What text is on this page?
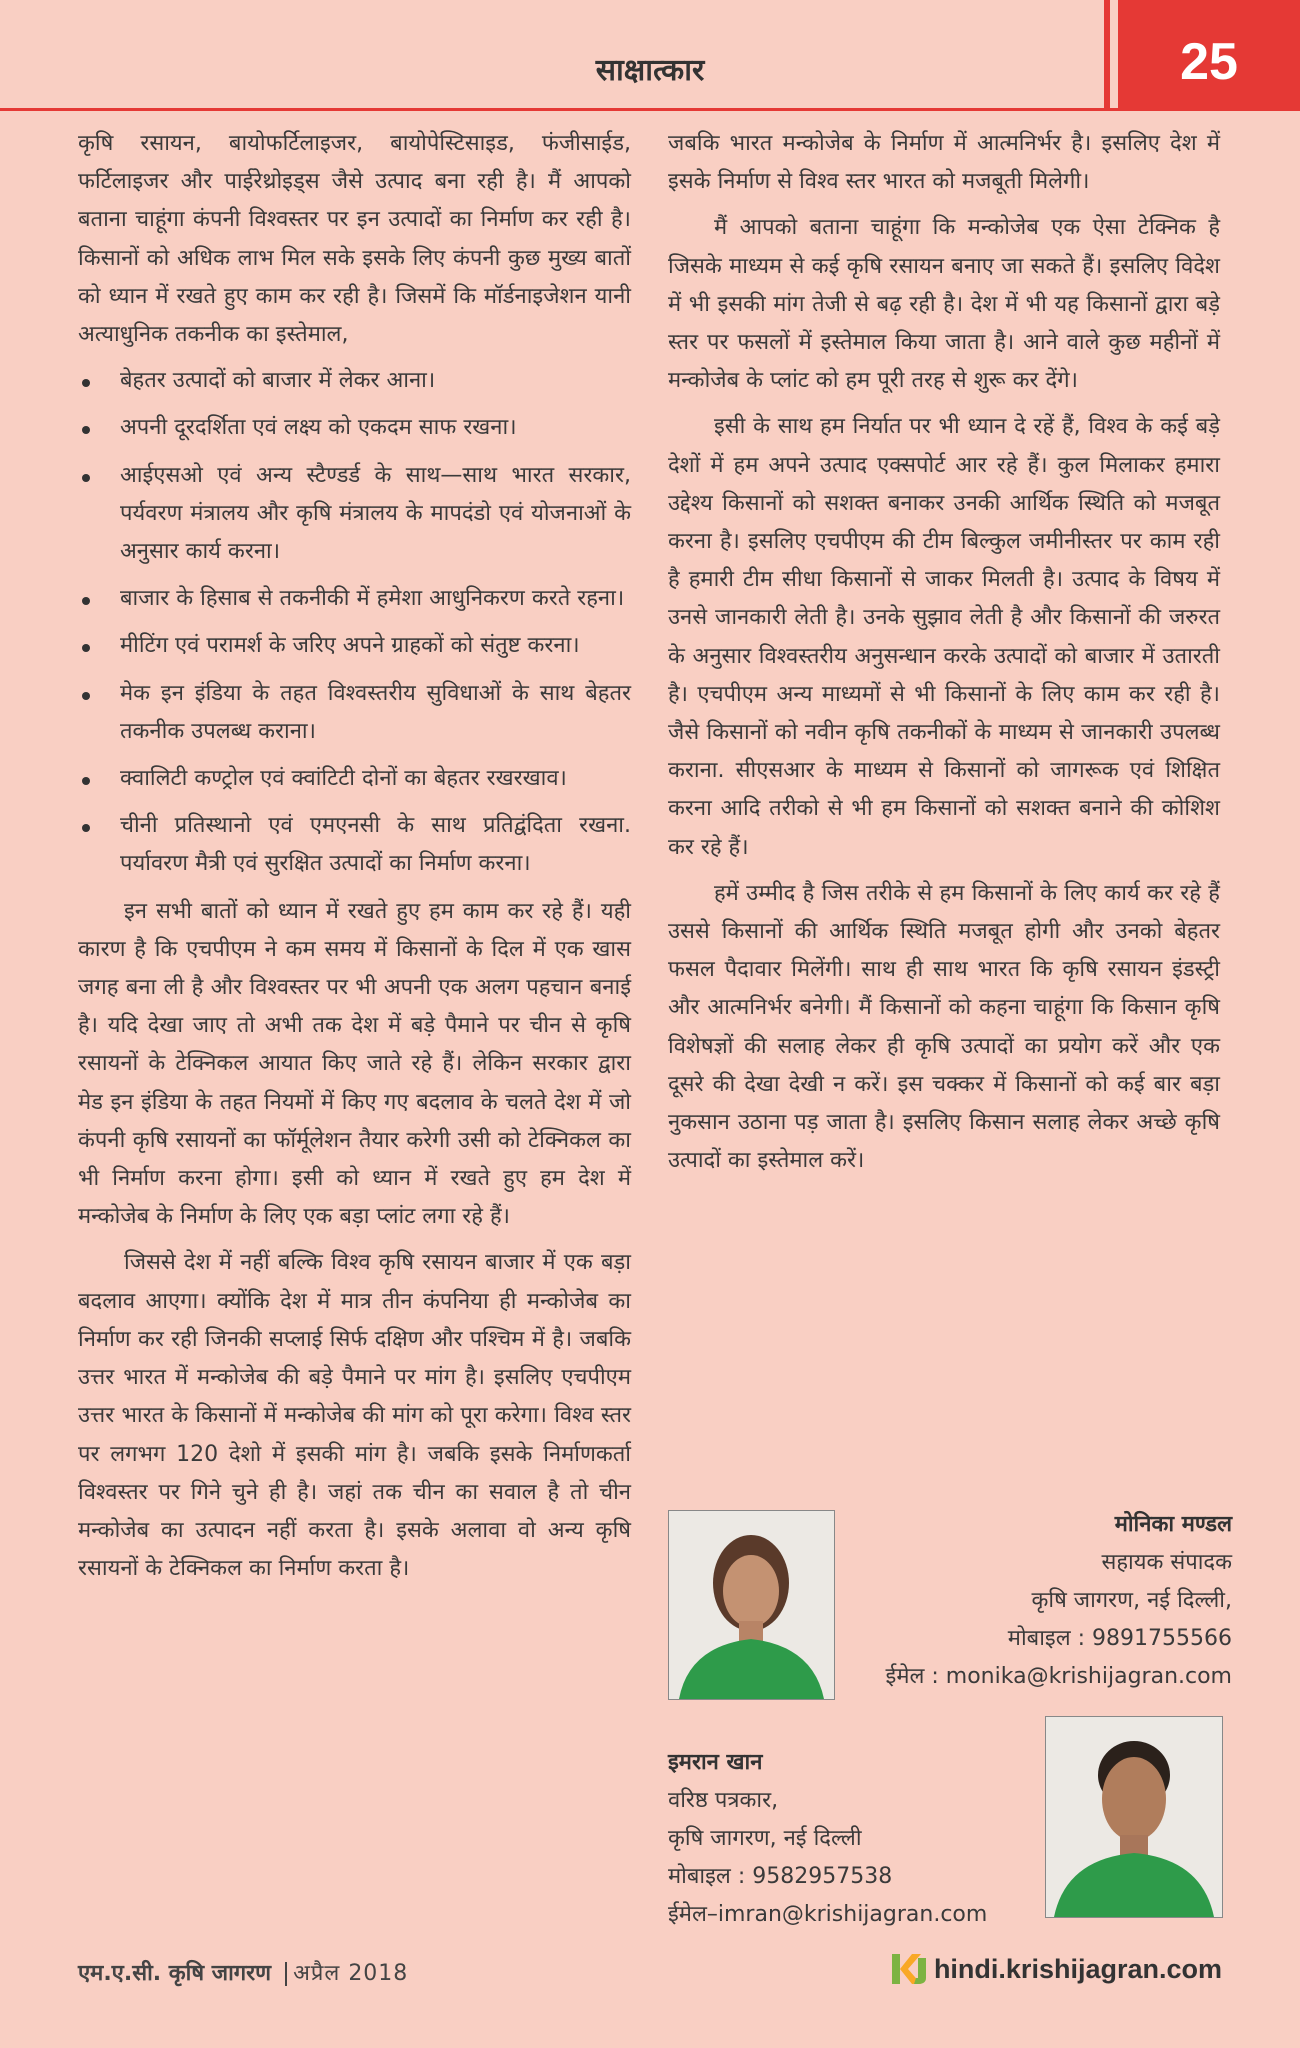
साक्षात्कार	25

कृषि रसायन, बायोफर्टिलाइजर, बायोपेस्टिसाइड, फंजीसाईड, फर्टिलाइजर और पाईरेथ्रोइड्स जैसे उत्पाद बना रही है। मैं आपको बताना चाहूंगा कंपनी विश्वस्तर पर इन उत्पादों का निर्माण कर रही है। किसानों को अधिक लाभ मिल सके इसके लिए कंपनी कुछ मुख्य बातों को ध्यान में रखते हुए काम कर रही है। जिसमें कि मॉर्डनाइजेशन यानी अत्याधुनिक तकनीक का इस्तेमाल,

बेहतर उत्पादों को बाजार में लेकर आना।
अपनी दूरदर्शिता एवं लक्ष्य को एकदम साफ रखना।
आईएसओ एवं अन्य स्टैण्डर्ड के साथ—साथ भारत सरकार, पर्यवरण मंत्रालय और कृषि मंत्रालय के मापदंडो एवं योजनाओं के अनुसार कार्य करना।
बाजार के हिसाब से तकनीकी में हमेशा आधुनिकरण करते रहना।
मीटिंग एवं परामर्श के जरिए अपने ग्राहकों को संतुष्ट करना।
मेक इन इंडिया के तहत विश्वस्तरीय सुविधाओं के साथ बेहतर तकनीक उपलब्ध कराना।
क्वालिटी कण्ट्रोल एवं क्वांटिटी दोनों का बेहतर रखरखाव।
चीनी प्रतिस्थानो एवं एमएनसी के साथ प्रतिद्वंदिता रखना. पर्यावरण मैत्री एवं सुरक्षित उत्पादों का निर्माण करना।

इन सभी बातों को ध्यान में रखते हुए हम काम कर रहे हैं। यही कारण है कि एचपीएम ने कम समय में किसानों के दिल में एक खास जगह बना ली है और विश्वस्तर पर भी अपनी एक अलग पहचान बनाई है। यदि देखा जाए तो अभी तक देश में बड़े पैमाने पर चीन से कृषि रसायनों के टेक्निकल आयात किए जाते रहे हैं। लेकिन सरकार द्वारा मेड इन इंडिया के तहत नियमों में किए गए बदलाव के चलते देश में जो कंपनी कृषि रसायनों का फॉर्मूलेशन तैयार करेगी उसी को टेक्निकल का भी निर्माण करना होगा। इसी को ध्यान में रखते हुए हम देश में मन्कोजेब के निर्माण के लिए एक बड़ा प्लांट लगा रहे हैं।

जिससे देश में नहीं बल्कि विश्व कृषि रसायन बाजार में एक बड़ा बदलाव आएगा। क्योंकि देश में मात्र तीन कंपनिया ही मन्कोजेब का निर्माण कर रही जिनकी सप्लाई सिर्फ दक्षिण और पश्चिम में है। जबकि उत्तर भारत में मन्कोजेब की बड़े पैमाने पर मांग है। इसलिए एचपीएम उत्तर भारत के किसानों में मन्कोजेब की मांग को पूरा करेगा। विश्व स्तर पर लगभग 120 देशो में इसकी मांग है। जबकि इसके निर्माणकर्ता विश्वस्तर पर गिने चुने ही है। जहां तक चीन का सवाल है तो चीन मन्कोजेब का उत्पादन नहीं करता है। इसके अलावा वो अन्य कृषि रसायनों के टेक्निकल का निर्माण करता है।

जबकि भारत मन्कोजेब के निर्माण में आत्मनिर्भर है। इसलिए देश में इसके निर्माण से विश्व स्तर भारत को मजबूती मिलेगी।

मैं आपको बताना चाहूंगा कि मन्कोजेब एक ऐसा टेक्निक है जिसके माध्यम से कई कृषि रसायन बनाए जा सकते हैं। इसलिए विदेश में भी इसकी मांग तेजी से बढ़ रही है। देश में भी यह किसानों द्वारा बड़े स्तर पर फसलों में इस्तेमाल किया जाता है। आने वाले कुछ महीनों में मन्कोजेब के प्लांट को हम पूरी तरह से शुरू कर देंगे।

इसी के साथ हम निर्यात पर भी ध्यान दे रहें हैं, विश्व के कई बड़े देशों में हम अपने उत्पाद एक्सपोर्ट आर रहे हैं। कुल मिलाकर हमारा उद्देश्य किसानों को सशक्त बनाकर उनकी आर्थिक स्थिति को मजबूत करना है। इसलिए एचपीएम की टीम बिल्कुल जमीनीस्तर पर काम रही है हमारी टीम सीधा किसानों से जाकर मिलती है। उत्पाद के विषय में उनसे जानकारी लेती है। उनके सुझाव लेती है और किसानों की जरुरत के अनुसार विश्वस्तरीय अनुसन्धान करके उत्पादों को बाजार में उतारती है। एचपीएम अन्य माध्यमों से भी किसानों के लिए काम कर रही है। जैसे किसानों को नवीन कृषि तकनीकों के माध्यम से जानकारी उपलब्ध कराना. सीएसआर के माध्यम से किसानों को जागरूक एवं शिक्षित करना आदि तरीको से भी हम किसानों को सशक्त बनाने की कोशिश कर रहे हैं।

हमें उम्मीद है जिस तरीके से हम किसानों के लिए कार्य कर रहे हैं उससे किसानों की आर्थिक स्थिति मजबूत होगी और उनको बेहतर फसल पैदावार मिलेंगी। साथ ही साथ भारत कि कृषि रसायन इंडस्ट्री और आत्मनिर्भर बनेगी। मैं किसानों को कहना चाहूंगा कि किसान कृषि विशेषज्ञों की सलाह लेकर ही कृषि उत्पादों का प्रयोग करें और एक दूसरे की देखा देखी न करें। इस चक्कर में किसानों को कई बार बड़ा नुकसान उठाना पड़ जाता है। इसलिए किसान सलाह लेकर अच्छे कृषि उत्पादों का इस्तेमाल करें।

मोनिका मण्डल
सहायक संपादक
कृषि जागरण, नई दिल्ली,
मोबाइल : 9891755566
ईमेल : monika@krishijagran.com
इमरान खान
वरिष्ठ पत्रकार,
कृषि जागरण, नई दिल्ली
मोबाइल : 9582957538
ईमेल–imran@krishijagran.com
एम.ए.सी. कृषि जागरण अप्रैल 2018	hindi.krishijagran.com
